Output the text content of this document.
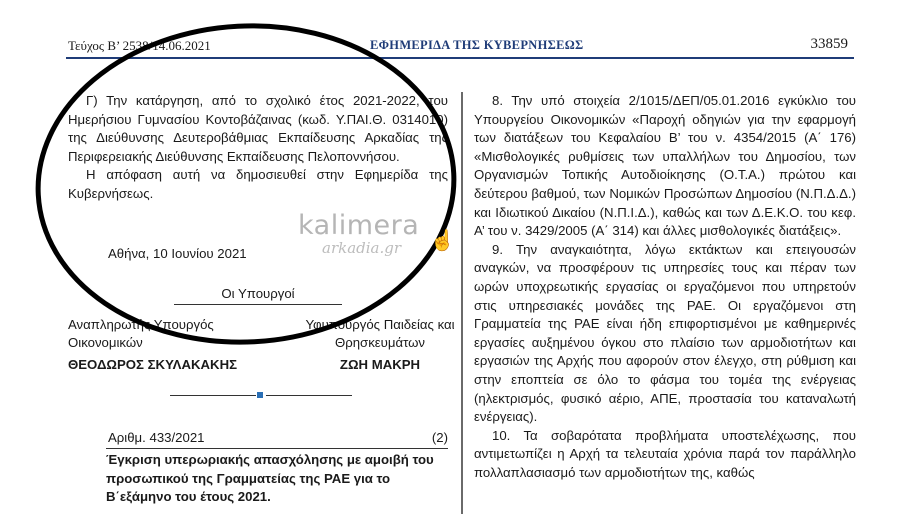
Τεύχος Β’ 2538/14.06.2021	ΕΦΗΜΕΡΙΔΑ ΤΗΣ ΚΥΒΕΡΝΗΣΕΩΣ	33859

Γ) Την κατάργηση, από το σχολικό έτος 2021-2022, του Ημερήσιου Γυμνασίου Κοντοβάζαινας (κωδ. Υ.ΠΑΙ.Θ. 0314010) της Διεύθυνσης Δευτεροβάθμιας Εκπαίδευσης Αρκαδίας της Περιφερειακής Διεύθυνσης Εκπαίδευσης Πελοποννήσου.

Η απόφαση αυτή να δημοσιευθεί στην Εφημερίδα της Κυβερνήσεως.

Αθήνα, 10 Ιουνίου 2021
Οι Υπουργοί
Αναπληρωτής Υπουργός Οικονομικών
ΘΕΟΔΩΡΟΣ ΣΚΥΛΑΚΑΚΗΣ
Υφυπουργός Παιδείας και Θρησκευμάτων
ΖΩΗ ΜΑΚΡΗ
Αριθμ. 433/2021	(2)
Έγκριση υπερωριακής απασχόλησης με αμοιβή του προσωπικού της Γραμματείας της ΡΑΕ για το Β΄εξάμηνο του έτους 2021.

8. Την υπό στοιχεία 2/1015/ΔΕΠ/05.01.2016 εγκύκλιο του Υπουργείου Οικονομικών «Παροχή οδηγιών για την εφαρμογή των διατάξεων του Κεφαλαίου Β’ του ν. 4354/2015 (Α΄ 176) «Μισθολογικές ρυθμίσεις των υπαλλήλων του Δημοσίου, των Οργανισμών Τοπικής Αυτοδιοίκησης (Ο.Τ.Α.) πρώτου και δεύτερου βαθμού, των Νομικών Προσώπων Δημοσίου (Ν.Π.Δ.Δ.) και Ιδιωτικού Δικαίου (Ν.Π.Ι.Δ.), καθώς και των Δ.Ε.Κ.Ο. του κεφ. Α’ του ν. 3429/2005 (Α΄ 314) και άλλες μισθολογικές διατάξεις».

9. Την αναγκαιότητα, λόγω εκτάκτων και επειγουσών αναγκών, να προσφέρουν τις υπηρεσίες τους και πέραν των ωρών υποχρεωτικής εργασίας οι εργαζόμενοι που υπηρετούν στις υπηρεσιακές μονάδες της ΡΑΕ. Οι εργαζόμενοι στη Γραμματεία της ΡΑΕ είναι ήδη επιφορτισμένοι με καθημερινές εργασίες αυξημένου όγκου στο πλαίσιο των αρμοδιοτήτων και εργασιών της Αρχής που αφορούν στον έλεγχο, στη ρύθμιση και στην εποπτεία σε όλο το φάσμα του τομέα της ενέργειας (ηλεκτρισμός, φυσικό αέριο, ΑΠΕ, προστασία του καταναλωτή ενέργειας).

10. Τα σοβαρότατα προβλήματα υποστελέχωσης, που αντιμετωπίζει η Αρχή τα τελευταία χρόνια παρά τον παράλληλο πολλαπλασιασμό των αρμοδιοτήτων της, καθώς

kalimera
arkadia.gr	☝
